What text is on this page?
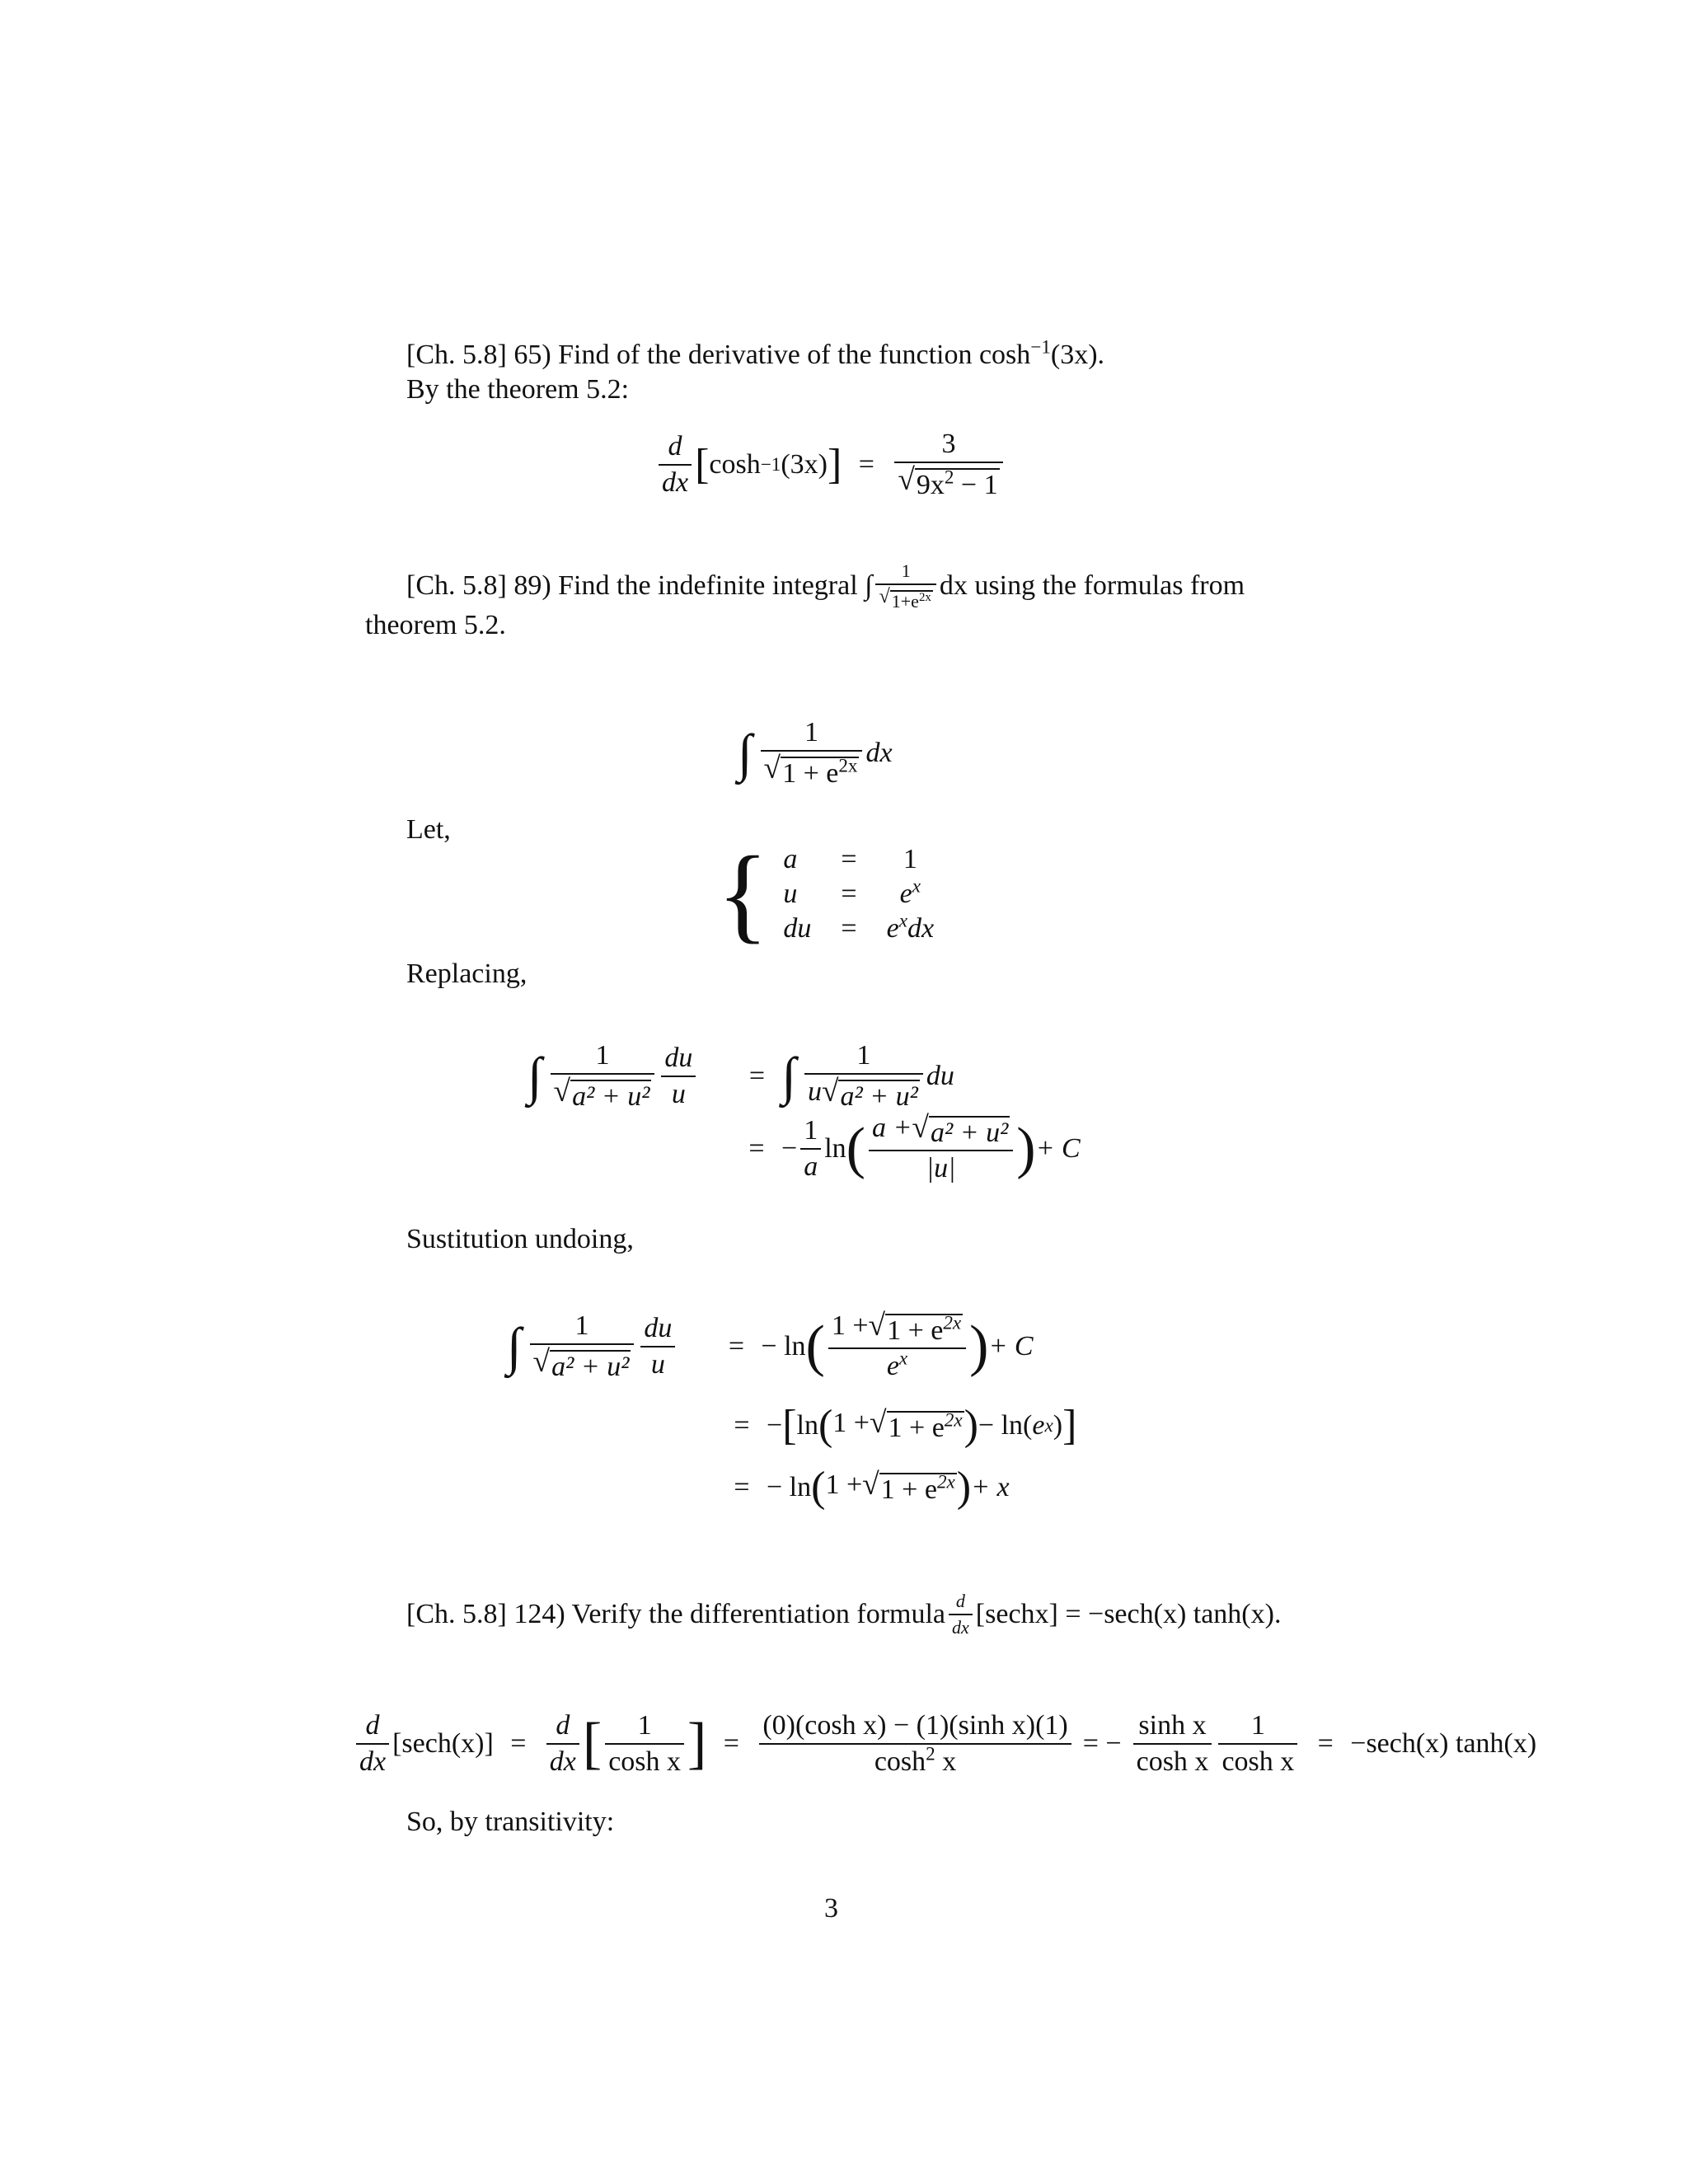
[Ch. 5.8] 65) Find of the derivative of the function $\cosh^{-1}(3x)$.
By the theorem 5.2:
$\frac{d}{dx}$ [ cosh −1 (3x) ] = $\frac{3}{√ 9x^2 - 1}$
[Ch. 5.8] 89) Find the indefinite integral ∫ $\frac{1}{√ 1+e^{2x}}$ dx using the formulas from
theorem 5.2.
∫ $\frac{1}{√ 1 + e^{2x}}$ dx
Let,
{ a	=	1
u	=	$e^x$
du	=	$e^xdx$
Replacing,
∫ $\frac{1}{\text{√ a² + u²}} \frac{du}{u}$	= ∫ $\frac{1}{\text{u √ a² + u²}}$ du
= − $\frac{1}{a}$ ln ( $\frac{\text{a + √ a² + u²}}{|u|}$ ) + C
Sustitution undoing,
∫ $\frac{1}{\text{√ a² + u²}} \frac{du}{u}$	= − ln ( $\frac{1 + √ 1 + e^{2x}}{e^x}$ ) + C
= − [ ln ( 1 + √ $1 + e^{2x}$ ) − ln ( e x ) ]
= − ln ( 1 + √ $1 + e^{2x}$ ) + x
[Ch. 5.8] 124) Verify the differentiation formula $\frac{d}{dx}$ [sechx] = −sech(x) tanh(x).
$\frac{d}{dx} [\sec h(x)] = \frac{d}{dx}$ [ $\frac{1}{\text{cosh x}}$ ] = $\frac{\text{(0)(cosh x) − (1)(sinh x)(1)}}{\cosh^2 x}$ = − $\frac{\text{sinh x}}{\text{cosh x}} \frac{1}{\text{cosh x}} = -\sec h(x)$ tanh(x)
So, by transitivity:
3
